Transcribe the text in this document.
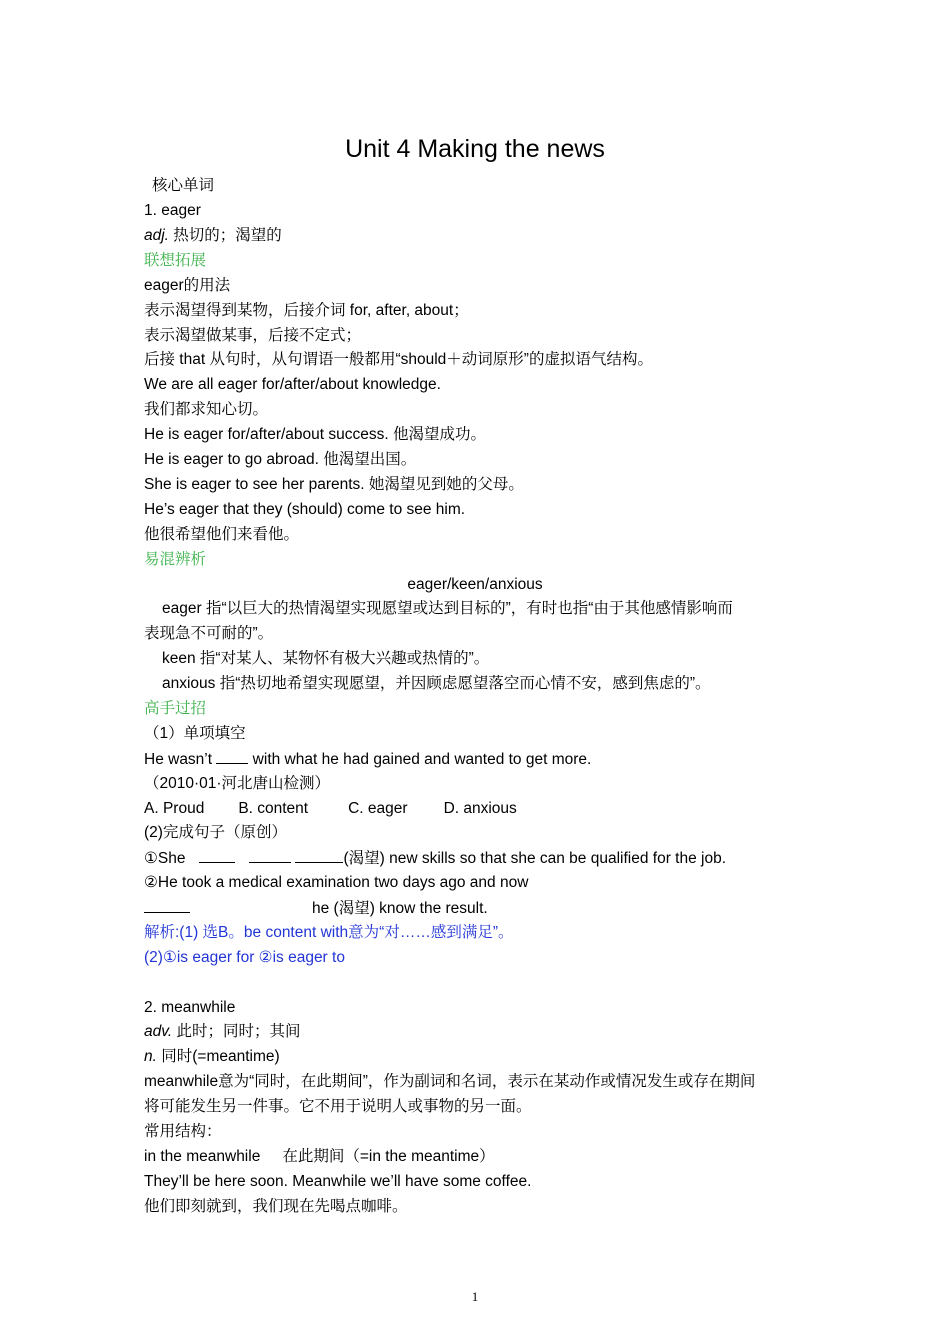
Unit 4 Making the news
核心单词
1. eager
adj. 热切的；渴望的
联想拓展
eager的用法
表示渴望得到某物，后接介词 for, after, about；
表示渴望做某事，后接不定式；
后接 that 从句时，从句谓语一般都用“should＋动词原形”的虚拟语气结构。
We are all eager for/after/about knowledge.
我们都求知心切。
He is eager for/after/about success. 他渴望成功。
He is eager to go abroad. 他渴望出国。
She is eager to see her parents. 她渴望见到她的父母。
He’s eager that they (should) come to see him.
他很希望他们来看他。
易混辨析
eager/keen/anxious
eager 指“以巨大的热情渴望实现愿望或达到目标的”，有时也指“由于其他感情影响而
表现急不可耐的”。
keen 指“对某人、某物怀有极大兴趣或热情的”。
anxious 指“热切地希望实现愿望，并因顾虑愿望落空而心情不安，感到焦虑的”。
高手过招
（1）单项填空
He wasn’t  with what he had gained and wanted to get more.
（2010·01·河北唐山检测）
A. Proud B. content	C. eager D. anxious
(2)完成句子（原创）
①She	(渴望) new skills so that she can be qualified for the job.
②He took a medical examination two days ago and now
he (渴望) know the result.
解析:(1) 选B。be content with意为“对……感到满足”。
(2)①is eager for ②is eager to
2. meanwhile
adv. 此时；同时；其间
n. 同时(=meantime)
meanwhile意为“同时，在此期间”，作为副词和名词，表示在某动作或情况发生或存在期间
将可能发生另一件事。它不用于说明人或事物的另一面。
常用结构：
in the meanwhile 在此期间（=in the meantime）
They’ll be here soon. Meanwhile we’ll have some coffee.
他们即刻就到，我们现在先喝点咖啡。
1
